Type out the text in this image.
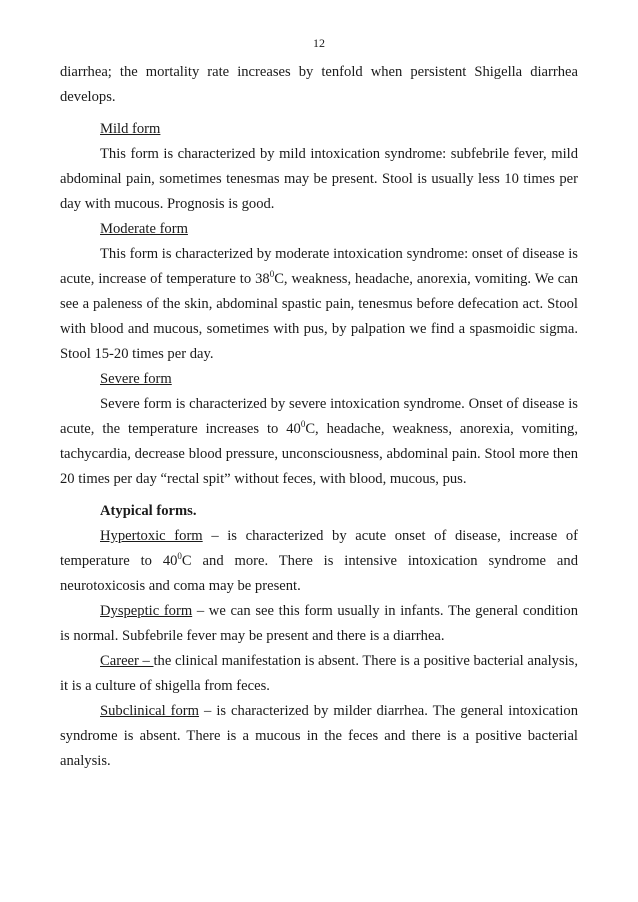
12

diarrhea; the mortality rate increases by tenfold when persistent Shigella diarrhea develops.

Mild form

This form is characterized by mild intoxication syndrome: subfebrile fever, mild abdominal pain, sometimes tenesmas may be present. Stool is usually less 10 times per day with mucous. Prognosis is good.

Moderate form

This form is characterized by moderate intoxication syndrome: onset of disease is acute, increase of temperature to $38^0C$, weakness, headache, anorexia, vomiting. We can see a paleness of the skin, abdominal spastic pain, tenesmus before defecation act. Stool with blood and mucous, sometimes with pus, by palpation we find a spasmoidic sigma. Stool 15-20 times per day.

Severe form

Severe form is characterized by severe intoxication syndrome. Onset of disease is acute, the temperature increases to $40^0C$, headache, weakness, anorexia, vomiting, tachycardia, decrease blood pressure, unconsciousness, abdominal pain. Stool more then 20 times per day “rectal spit” without feces, with blood, mucous, pus.

Atypical forms.

Hypertoxic form – is characterized by acute onset of disease, increase of temperature to $40^0C$ and more. There is intensive intoxication syndrome and neurotoxicosis and coma may be present.

Dyspeptic form – we can see this form usually in infants. The general condition is normal. Subfebrile fever may be present and there is a diarrhea.

Career – the clinical manifestation is absent. There is a positive bacterial analysis, it is a culture of shigella from feces.

Subclinical form – is characterized by milder diarrhea. The general intoxication syndrome is absent. There is a mucous in the feces and there is a positive bacterial analysis.
